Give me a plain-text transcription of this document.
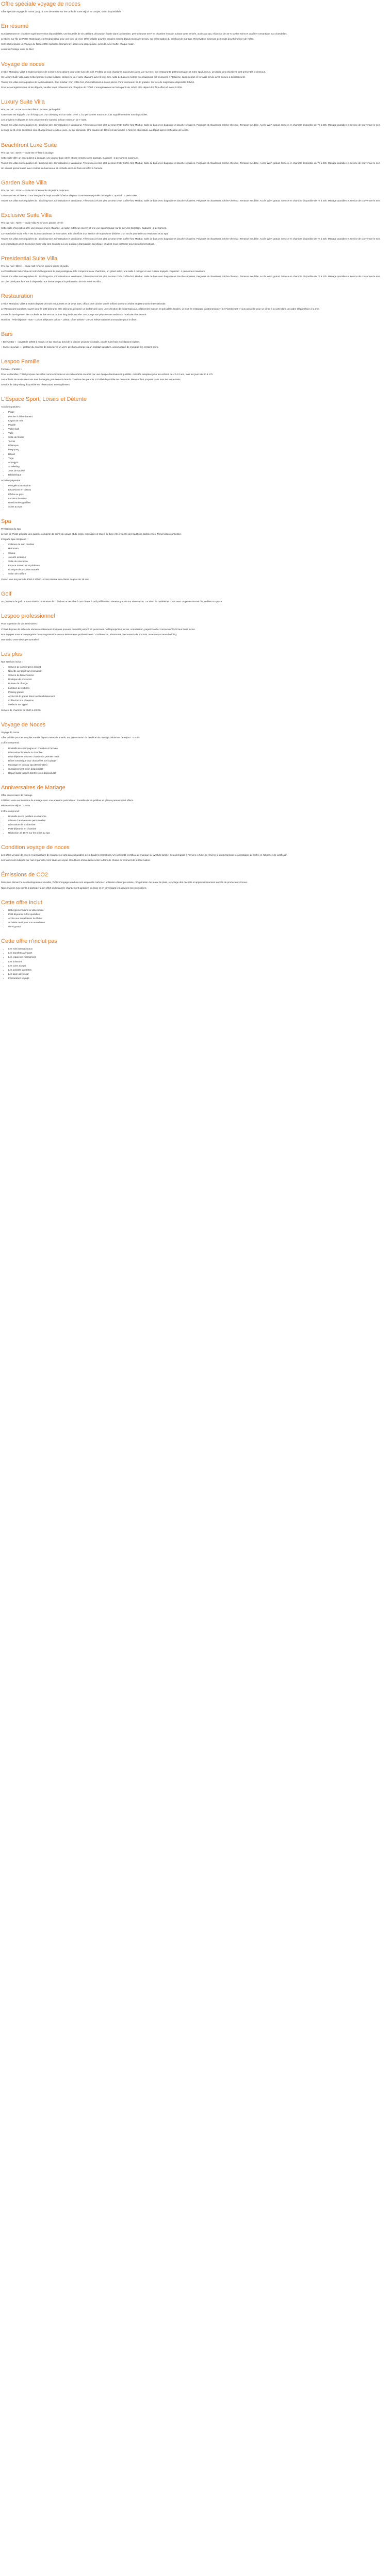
Offre spéciale voyage de noces
Offre spéciale voyage de noces: jusqu'à 20% de remise sur les tarifs de votre séjour en couple, selon disponibilités
En résumé
Surclassement en chambre supérieure selon disponibilités, une bouteille de vin pétillant, décoration florale dans la chambre, petit-déjeuner servi en chambre le matin suivant votre arrivée, accès au spa, réduction de 10 % sur les soins et un dîner romantique aux chandelles.
Le Bizet, sur l'île de Petite Martinique, est l'endroit idéal pour une lune de miel. Offre valable pour les couples mariés depuis moins de 6 mois, sur présentation du certificat de mariage. Réservation minimum de 5 nuits pour bénéficier de l'offre.
Cet Hôtel propose un Voyage de Noces Offre spéciale (Comprend): accès à la plage privée, petit-déjeuner buffet chaque matin.
Lesamis Prestige Lune de Miel
Voyage de noces
L'Hôtel Maradiou Villas & Suites propose de nombreuses options pour votre lune de miel. Profitez de nos chambres spacieuses avec vue sur mer, nos restaurants gastronomiques et notre spa luxueux. Les tarifs des chambres sont présentés ci-dessous.
Ce Luxury Suite Villa, notre hébergement le plus exclusif, comprend une vaste chambre avec lit king-size, salle de bain en marbre avec baignoire îlot et douche à l'italienne, salon séparé et terrasse privée avec piscine à débordement.
Toutes nos villas sont équipées de la climatisation, d'un minibar, d'un coffre-fort, d'une télévision à écran plat et d'une connexion Wi-Fi gratuite. Service de majordome disponible 24h/24.
Pour les enregistrements et les départs, veuillez vous présenter à la réception de l'hôtel. L'enregistrement se fait à partir de 14h00 et le départ doit être effectué avant 12h00.
Luxury Suite Villa
Prix par nuit : 610 € — Suite Villa 60 m² avec jardin privé
Cette suite est équipée d'un lit king-size, d'un dressing et d'un salon privé. 1 à 2 personnes maximum. Lits supplémentaires non disponibles.
Les arrivées et départs se font uniquement le samedi. Séjour minimum de 7 nuits.
Toutes nos villas sont équipées de : Lits king-size, Climatisation et ventilateur, Télévision à écran plat, Lecteur DVD, Coffre-fort, Minibar, Salle de bain avec baignoire et douche séparées, Peignoirs et chaussons, Sèche-cheveux, Terrasse meublée, Accès Wi-Fi gratuit. Service en chambre disponible de 7h à 23h. Ménage quotidien et service de couverture le soir.
Le linge de lit et les serviettes sont changés tous les deux jours, ou sur demande. Une caution de 300 € est demandée à l'arrivée et restituée au départ après vérification de la villa.
Beachfront Luxe Suite
Prix par nuit : 520 € — Suite 55 m² face à la plage
Cette suite offre un accès direct à la plage, une grande baie vitrée et une terrasse avec transats. Capacité : 2 personnes maximum.
Toutes nos villas sont équipées de : Lits king-size, Climatisation et ventilateur, Télévision à écran plat, Lecteur DVD, Coffre-fort, Minibar, Salle de bain avec baignoire et douche séparées, Peignoirs et chaussons, Sèche-cheveux, Terrasse meublée, Accès Wi-Fi gratuit. Service en chambre disponible de 7h à 23h. Ménage quotidien et service de couverture le soir.
Un accueil personnalisé avec cocktail de bienvenue et corbeille de fruits frais est offert à l'arrivée.
Garden Suite Villa
Prix par nuit : 430 € — Suite 50 m² entourée de jardins tropicaux
Cette suite est nichée au cœur des jardins tropicaux de l'hôtel et dispose d'une terrasse privée ombragée. Capacité : 2 personnes.
Toutes nos villas sont équipées de : Lits king-size, Climatisation et ventilateur, Télévision à écran plat, Lecteur DVD, Coffre-fort, Minibar, Salle de bain avec baignoire et douche séparées, Peignoirs et chaussons, Sèche-cheveux, Terrasse meublée, Accès Wi-Fi gratuit. Service en chambre disponible de 7h à 23h. Ménage quotidien et service de couverture le soir.
Exclusive Suite Villa
Prix par nuit : 720 € — Suite Villa 75 m² avec piscine privée
Cette suite d'exception offre une piscine privée chauffée, un salon extérieur couvert et une vue panoramique sur la mer des Caraïbes. Capacité : 2 personnes.
La « Exclusive Suite Villa » est la plus spacieuse de nos suites. Elle bénéficie d'un service de majordome dédié et d'un accès prioritaire au restaurant et au spa.
Toutes nos villas sont équipées de : Lits king-size, Climatisation et ventilateur, Télévision à écran plat, Lecteur DVD, Coffre-fort, Minibar, Salle de bain avec baignoire et douche séparées, Peignoirs et chaussons, Sèche-cheveux, Terrasse meublée, Accès Wi-Fi gratuit. Service en chambre disponible de 7h à 23h. Ménage quotidien et service de couverture le soir.
Les réservations de la Exclusive Suite Villa sont soumises à une politique d'annulation spécifique. Veuillez nous contacter pour plus d'informations.
Presidential Suite Villa
Prix par nuit : 980 € — Suite 110 m² avec piscine privée et jardin
La Presidential Suite Villa est notre hébergement le plus prestigieux. Elle comprend deux chambres, un grand salon, une salle à manger et une cuisine équipée. Capacité : 4 personnes maximum.
Toutes nos villas sont équipées de : Lits king-size, Climatisation et ventilateur, Télévision à écran plat, Lecteur DVD, Coffre-fort, Minibar, Salle de bain avec baignoire et douche séparées, Peignoirs et chaussons, Sèche-cheveux, Terrasse meublée, Accès Wi-Fi gratuit. Service en chambre disponible de 7h à 23h. Ménage quotidien et service de couverture le soir.
Un chef privé peut être mis à disposition sur demande pour la préparation de vos repas en villa.
Restauration
L'Hôtel Maradiou Villas & Suites dispose de trois restaurants et de deux bars, offrant une cuisine variée mêlant saveurs créoles et gastronomie internationale.
Le Restaurant Caraïbes, ouvert pour le petit-déjeuner et le déjeuner, propose un buffet varié avec une sélection de fruits tropicaux, pâtisseries maison et spécialités locales. Le soir, le restaurant gastronomique « Le Flamboyant » vous accueille pour un dîner à la carte dans un cadre élégant face à la mer.
Le Bar de la Plage sert des cocktails et des en-cas tout au long de la journée. Le Lounge Bar propose une ambiance musicale chaque soir.
Horaires : Petit-déjeuner 7h00 – 10h30, Déjeuner 12h30 – 15h00, Dîner 19h00 – 22h30. Réservation recommandée pour le dîner.
Bars
« Bel Air Bar » : ouvert de 10h00 à minuit, ce bar situé au bord de la piscine propose cocktails, jus de fruits frais et collations légères.
« Sunset Lounge » : profitez du coucher de soleil avec un verre de rhum arrangé ou un cocktail signature, accompagné de musique live certains soirs.
Lespoo Famille
Formule « Famille »
Pour les familles, l'hôtel propose des villas communicantes et un club enfants encadré par une équipe d'animateurs qualifiés. Activités adaptées pour les enfants de 4 à 12 ans, tous les jours de 9h à 17h.
Les enfants de moins de 6 ans sont hébergés gratuitement dans la chambre des parents. Lit bébé disponible sur demande. Menu enfant proposé dans tous les restaurants.
Service de baby-sitting disponible sur réservation, en supplément.
L'Espace Sport, Loisirs et Détente
Activités gratuites :
• Plage
• Piscine à débordement
• Kayak de mer
• Paddle
• Volley-ball
• Voile
• Salle de fitness
• Tennis
• Pétanque
• Ping-pong
• Billard
• Yoga
• Aquagym
• Snorkeling
• Jeux de société
• Bibliothèque
Activités payantes :
• Plongée sous-marine
• Excursions en bateau
• Pêche au gros
• Location de vélos
• Randonnées guidées
• Soins au spa
Spa
Prestations du spa
Le spa de l'hôtel propose une gamme complète de soins du visage et du corps, massages et rituels de bien-être inspirés des traditions caribéennes. Réservation conseillée.
L'espace spa comprend :
• Cabines de soin doubles
• Hammam
• Sauna
• Jacuzzi extérieur
• Salle de relaxation
• Espace manucure et pédicure
• Boutique de produits naturels
• Salon de coiffure
Ouvert tous les jours de 9h00 à 20h00. Accès réservé aux clients de plus de 16 ans.
Golf
Un parcours de golf 18 trous situé à 15 minutes de l'hôtel est accessible à nos clients à tarif préférentiel. Navette gratuite sur réservation. Location de matériel et cours avec un professionnel disponibles sur place.
Lespoo professionnel
Pour la gestion de vos séminaires :
L'hôtel dispose de salles de réunion entièrement équipées pouvant accueillir jusqu'à 80 personnes. Vidéoprojecteur, écran, sonorisation, paperboard et connexion Wi-Fi haut débit inclus.
Nos équipes vous accompagnent dans l'organisation de vos événements professionnels : conférences, séminaires, lancements de produits, incentives et team-building.
Demandez votre devis personnalisé.
Les plus
Nos services inclus :
• Service de conciergerie 24h/24
• Navette aéroport sur réservation
• Service de blanchisserie
• Boutique de souvenirs
• Bureau de change
• Location de voitures
• Parking gratuit
• Accès Wi-Fi gratuit dans tout l'établissement
• Coffre-fort à la réception
• Médecin sur appel
Service de chambre de 7h00 à 23h00.
Voyage de Noces
Voyage de noces
Offre valable pour les couples mariés depuis moins de 6 mois, sur présentation du certificat de mariage. Minimum de séjour : 5 nuits.
L'offre comprend :
• Bouteille de champagne en chambre à l'arrivée
• Décoration florale de la chambre
• Petit-déjeuner servi en chambre le premier matin
• Dîner romantique aux chandelles sur la plage
• Massage en duo au spa (50 minutes)
• Surclassement selon disponibilité
• Départ tardif jusqu'à 16h00 selon disponibilité
Anniversaires de Mariage
Offre anniversaire de mariage
Célébrez votre anniversaire de mariage avec une attention particulière : bouteille de vin pétillant et gâteau personnalisé offerts.
Minimum de séjour : 3 nuits.
L'offre comprend :
• Bouteille de vin pétillant en chambre
• Gâteau d'anniversaire personnalisé
• Décoration de la chambre
• Petit-déjeuner en chambre
• Réduction de 10 % sur les soins au spa
Condition voyage de noces
Les offres voyage de noces et anniversaire de mariage ne sont pas cumulables avec d'autres promotions. Un justificatif (certificat de mariage ou livret de famille) sera demandé à l'arrivée. L'hôtel se réserve le droit d'annuler les avantages de l'offre en l'absence de justificatif.
Les tarifs sont indiqués par nuit et par villa, hors taxes de séjour. Conditions d'annulation selon la formule choisie au moment de la réservation.
Émissions de CO2
Dans une démarche de développement durable, l'hôtel s'engage à réduire son empreinte carbone : utilisation d'énergie solaire, récupération des eaux de pluie, recyclage des déchets et approvisionnement auprès de producteurs locaux.
Nous invitons nos clients à participer à cet effort en limitant le changement quotidien du linge et en privilégiant les activités non motorisées.
Cette offre inclut
• Hébergement dans la villa choisie
• Petit-déjeuner buffet quotidien
• Accès aux installations de l'hôtel
• Activités nautiques non motorisées
• Wi-Fi gratuit
Cette offre n'inclut pas
• Les vols internationaux
• Les transferts aéroport
• Les repas non mentionnés
• Les boissons
• Les soins au spa
• Les activités payantes
• Les taxes de séjour
• L'assurance voyage
